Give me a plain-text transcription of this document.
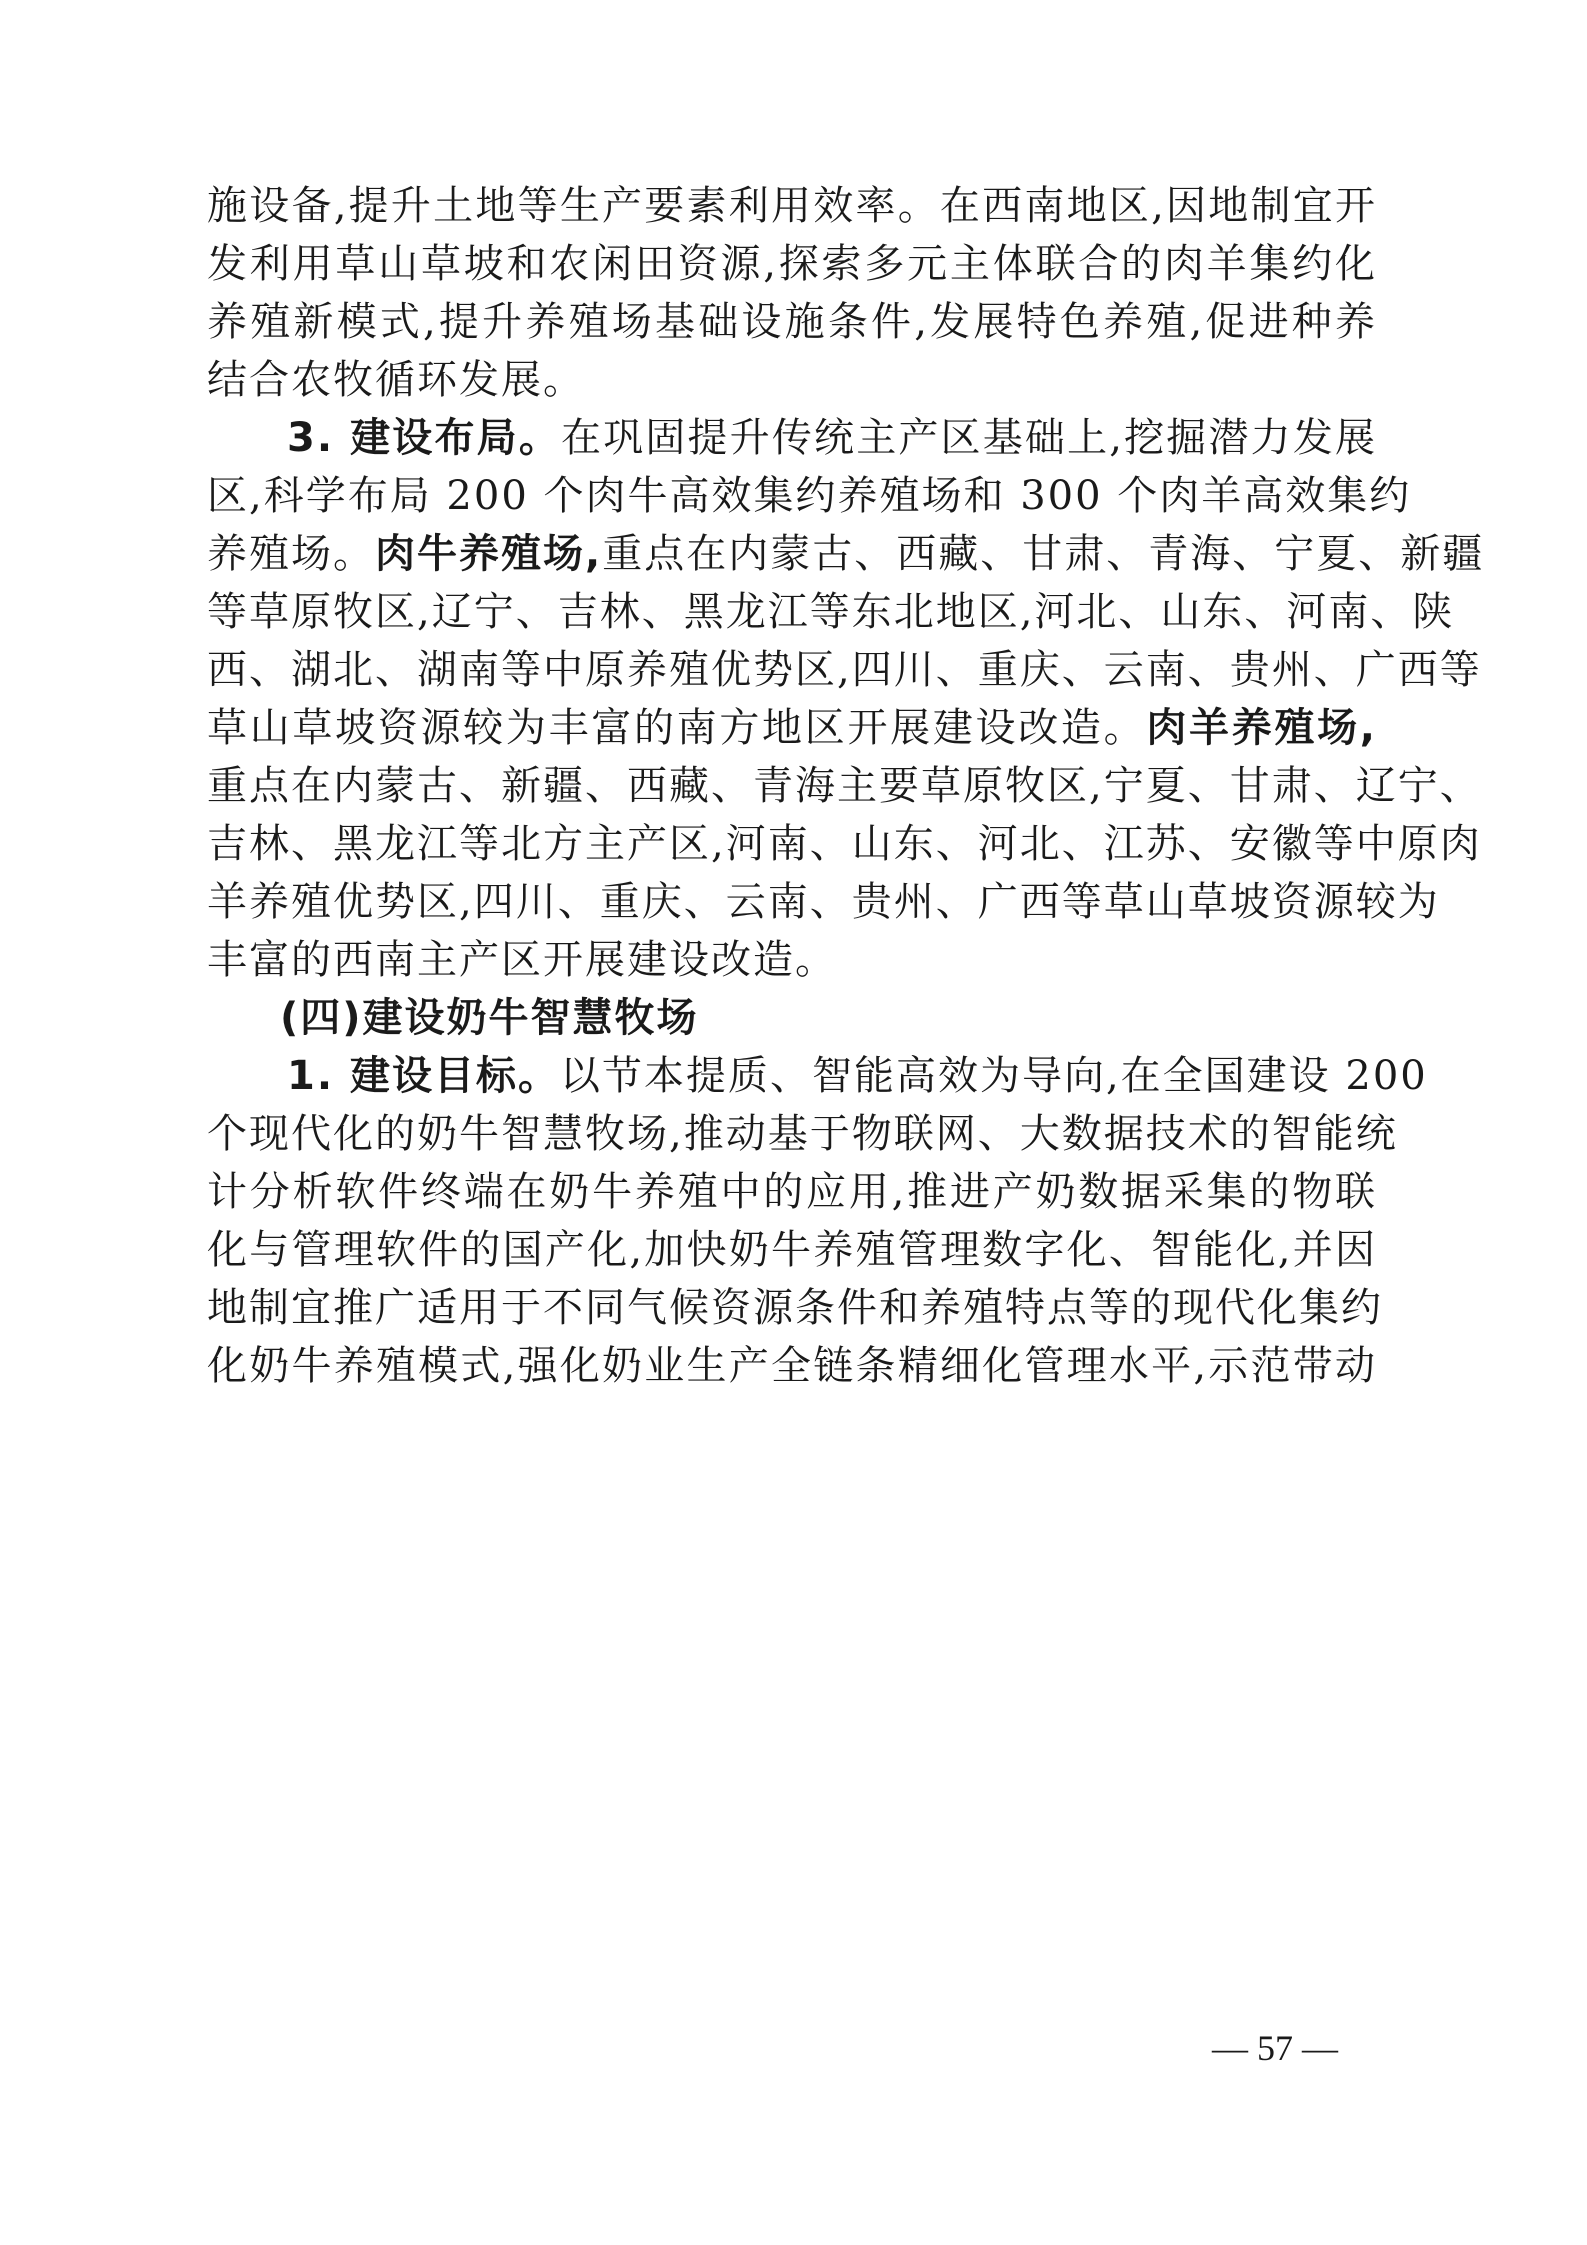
施设备,提升土地等生产要素利用效率。在西南地区,因地制宜开
发利用草山草坡和农闲田资源,探索多元主体联合的肉羊集约化
养殖新模式,提升养殖场基础设施条件,发展特色养殖,促进种养
结合农牧循环发展。
3. 建设布局。在巩固提升传统主产区基础上,挖掘潜力发展
区,科学布局 200 个肉牛高效集约养殖场和 300 个肉羊高效集约
养殖场。肉牛养殖场,重点在内蒙古、西藏、甘肃、青海、宁夏、新疆
等草原牧区,辽宁、吉林、黑龙江等东北地区,河北、山东、河南、陕
西、湖北、湖南等中原养殖优势区,四川、重庆、云南、贵州、广西等
草山草坡资源较为丰富的南方地区开展建设改造。肉羊养殖场,
重点在内蒙古、新疆、西藏、青海主要草原牧区,宁夏、甘肃、辽宁、
吉林、黑龙江等北方主产区,河南、山东、河北、江苏、安徽等中原肉
羊养殖优势区,四川、重庆、云南、贵州、广西等草山草坡资源较为
丰富的西南主产区开展建设改造。
(四)建设奶牛智慧牧场
1. 建设目标。以节本提质、智能高效为导向,在全国建设 200
个现代化的奶牛智慧牧场,推动基于物联网、大数据技术的智能统
计分析软件终端在奶牛养殖中的应用,推进产奶数据采集的物联
化与管理软件的国产化,加快奶牛养殖管理数字化、智能化,并因
地制宜推广适用于不同气候资源条件和养殖特点等的现代化集约
化奶牛养殖模式,强化奶业生产全链条精细化管理水平,示范带动
— 57 —
